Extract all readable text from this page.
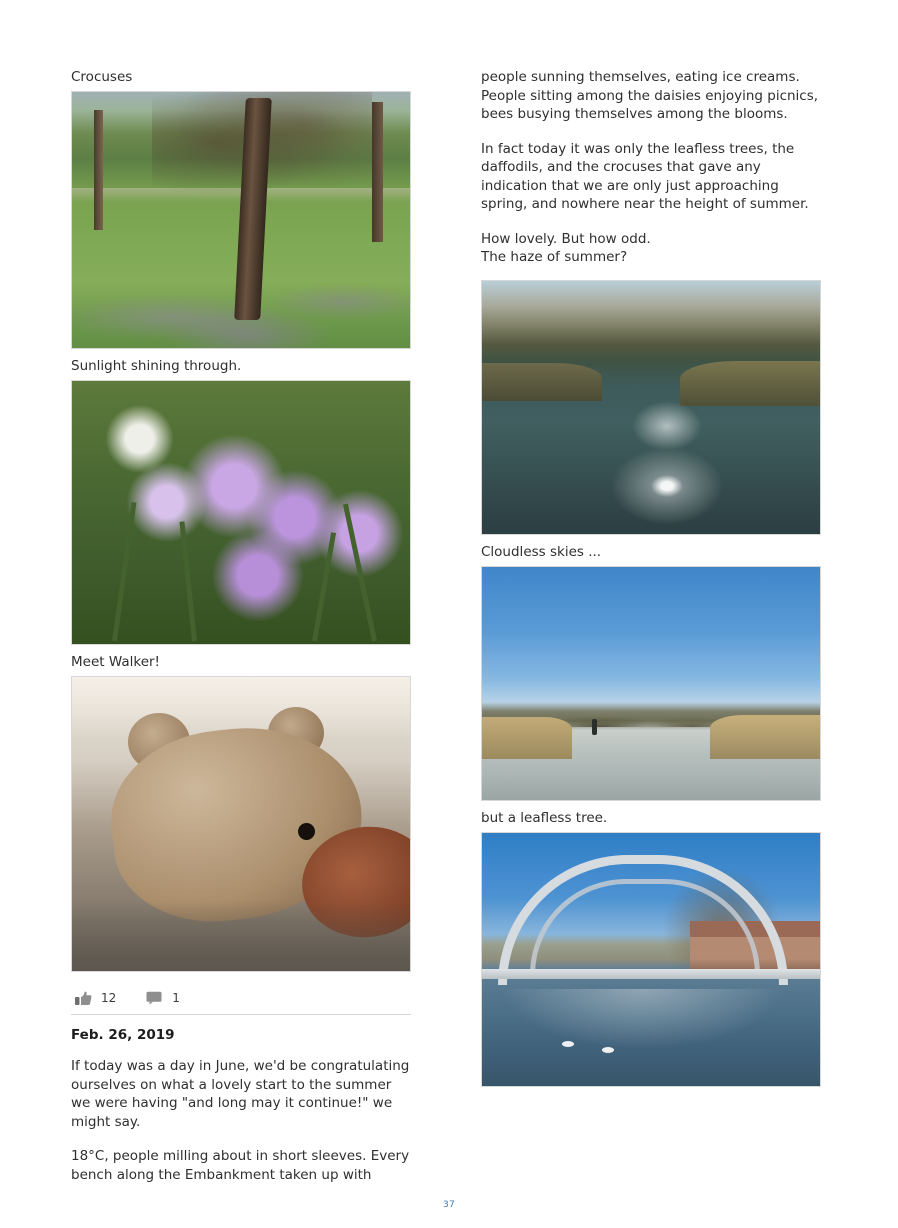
Crocuses

Sunlight shining through.

Meet Walker!

12	1

Feb. 26, 2019

If today was a day in June, we'd be congratulating ourselves on what a lovely start to the summer we were having "and long may it continue!" we might say.

18°C, people milling about in short sleeves. Every bench along the Embankment taken up with

people sunning themselves, eating ice creams. People sitting among the daisies enjoying picnics, bees busying themselves among the blooms.

In fact today it was only the leafless trees, the daffodils, and the crocuses that gave any indication that we are only just approaching spring, and nowhere near the height of summer.

How lovely. But how odd.
The haze of summer?

Cloudless skies ...

but a leafless tree.

37
